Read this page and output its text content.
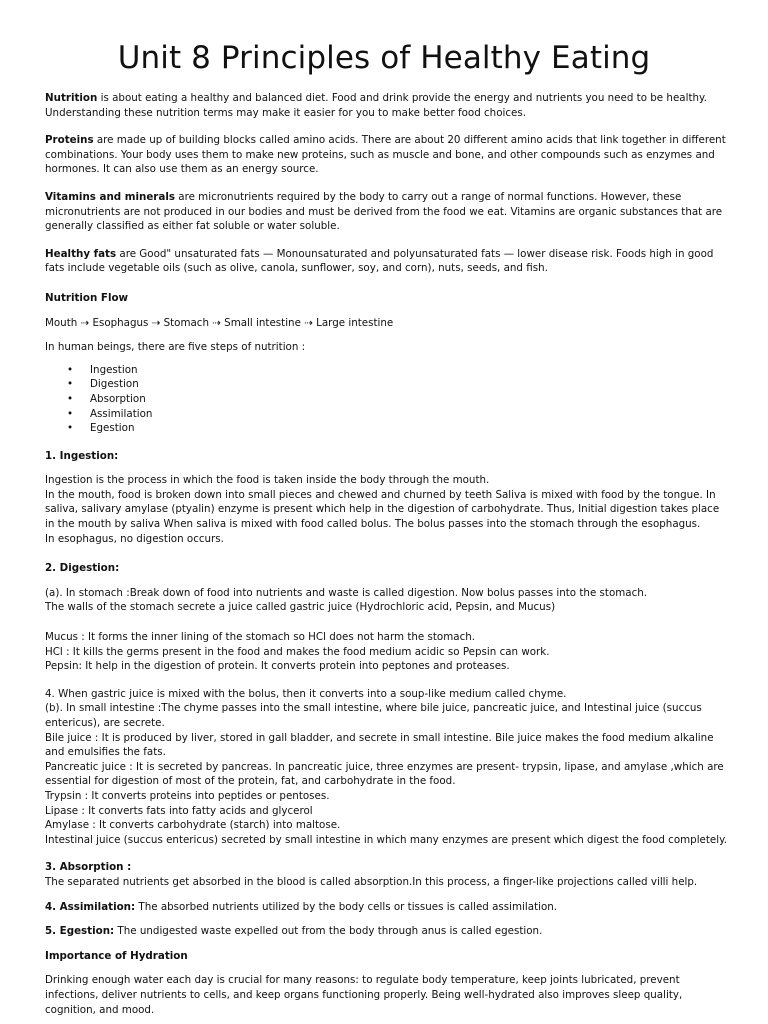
Unit 8 Principles of Healthy Eating

Nutrition is about eating a healthy and balanced diet. Food and drink provide the energy and nutrients you need to be healthy. Understanding these nutrition terms may make it easier for you to make better food choices.

Proteins are made up of building blocks called amino acids. There are about 20 different amino acids that link together in different combinations. Your body uses them to make new proteins, such as muscle and bone, and other compounds such as enzymes and hormones. It can also use them as an energy source.

Vitamins and minerals are micronutrients required by the body to carry out a range of normal functions. However, these micronutrients are not produced in our bodies and must be derived from the food we eat. Vitamins are organic substances that are generally classified as either fat soluble or water soluble.

Healthy fats are Good" unsaturated fats — Monounsaturated and polyunsaturated fats — lower disease risk. Foods high in good fats include vegetable oils (such as olive, canola, sunflower, soy, and corn), nuts, seeds, and fish.

Nutrition Flow

Mouth ⇢ Esophagus ⇢ Stomach ⇢ Small intestine ⇢ Large intestine

In human beings, there are five steps of nutrition :

• Ingestion
• Digestion
• Absorption
• Assimilation
• Egestion

1. Ingestion:

Ingestion is the process in which the food is taken inside the body through the mouth.

In the mouth, food is broken down into small pieces and chewed and churned by teeth Saliva is mixed with food by the tongue. In saliva, salivary amylase (ptyalin) enzyme is present which help in the digestion of carbohydrate. Thus, Initial digestion takes place in the mouth by saliva When saliva is mixed with food called bolus. The bolus passes into the stomach through the esophagus.

In esophagus, no digestion occurs.

2. Digestion:

(a). In stomach :Break down of food into nutrients and waste is called digestion. Now bolus passes into the stomach.

The walls of the stomach secrete a juice called gastric juice (Hydrochloric acid, Pepsin, and Mucus)

Mucus : It forms the inner lining of the stomach so HCl does not harm the stomach.

HCl : It kills the germs present in the food and makes the food medium acidic so Pepsin can work.

Pepsin: It help in the digestion of protein. It converts protein into peptones and proteases.

4. When gastric juice is mixed with the bolus, then it converts into a soup-like medium called chyme.

(b). In small intestine :The chyme passes into the small intestine, where bile juice, pancreatic juice, and Intestinal juice (succus entericus), are secrete.

Bile juice : It is produced by liver, stored in gall bladder, and secrete in small intestine. Bile juice makes the food medium alkaline and emulsifies the fats.

Pancreatic juice : It is secreted by pancreas. In pancreatic juice, three enzymes are present- trypsin, lipase, and amylase ,which are essential for digestion of most of the protein, fat, and carbohydrate in the food.

Trypsin : It converts proteins into peptides or pentoses.

Lipase : It converts fats into fatty acids and glycerol

Amylase : It converts carbohydrate (starch) into maltose.

Intestinal juice (succus entericus) secreted by small intestine in which many enzymes are present which digest the food completely.

3. Absorption :

The separated nutrients get absorbed in the blood is called absorption.In this process, a finger-like projections called villi help.

4. Assimilation: The absorbed nutrients utilized by the body cells or tissues is called assimilation.

5. Egestion: The undigested waste expelled out from the body through anus is called egestion.

Importance of Hydration

Drinking enough water each day is crucial for many reasons: to regulate body temperature, keep joints lubricated, prevent infections, deliver nutrients to cells, and keep organs functioning properly. Being well-hydrated also improves sleep quality, cognition, and mood.
